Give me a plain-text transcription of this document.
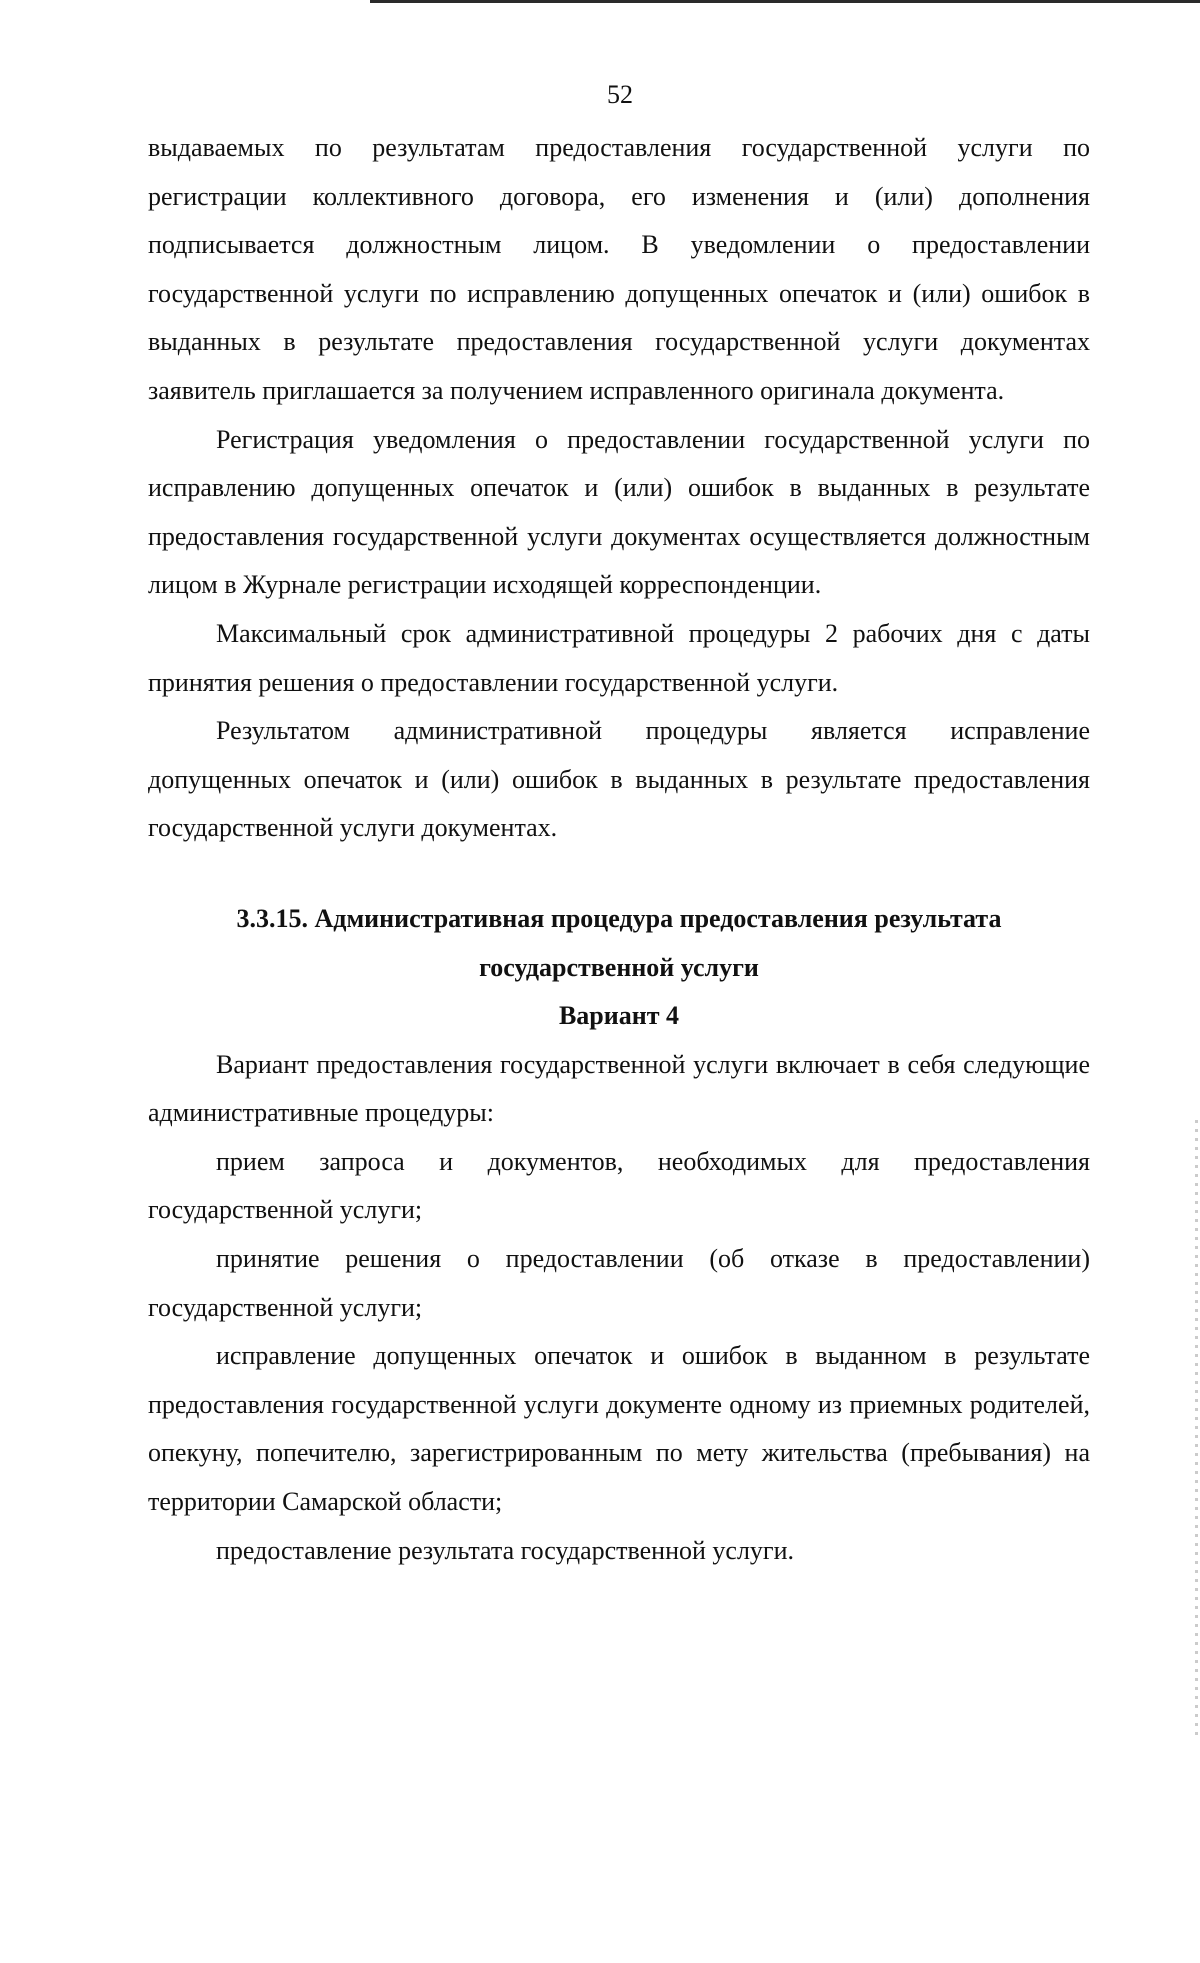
52

выдаваемых по результатам предоставления государственной услуги по регистрации коллективного договора, его изменения и (или) дополнения подписывается должностным лицом. В уведомлении о предоставлении государственной услуги по исправлению допущенных опечаток и (или) ошибок в выданных в результате предоставления государственной услуги документах заявитель приглашается за получением исправленного оригинала документа.

Регистрация уведомления о предоставлении государственной услуги по исправлению допущенных опечаток и (или) ошибок в выданных в результате предоставления государственной услуги документах осуществляется должностным лицом в Журнале регистрации исходящей корреспонденции.

Максимальный срок административной процедуры 2 рабочих дня с даты принятия решения о предоставлении государственной услуги.

Результатом административной процедуры является исправление допущенных опечаток и (или) ошибок в выданных в результате предоставления государственной услуги документах.

3.3.15. Административная процедура предоставления результата

государственной услуги

Вариант 4

Вариант предоставления государственной услуги включает в себя следующие административные процедуры:

прием запроса и документов, необходимых для предоставления государственной услуги;

принятие решения о предоставлении (об отказе в предоставлении) государственной услуги;

исправление допущенных опечаток и ошибок в выданном в результате предоставления государственной услуги документе одному из приемных родителей, опекуну, попечителю, зарегистрированным по мету жительства (пребывания) на территории Самарской области;

предоставление результата государственной услуги.
